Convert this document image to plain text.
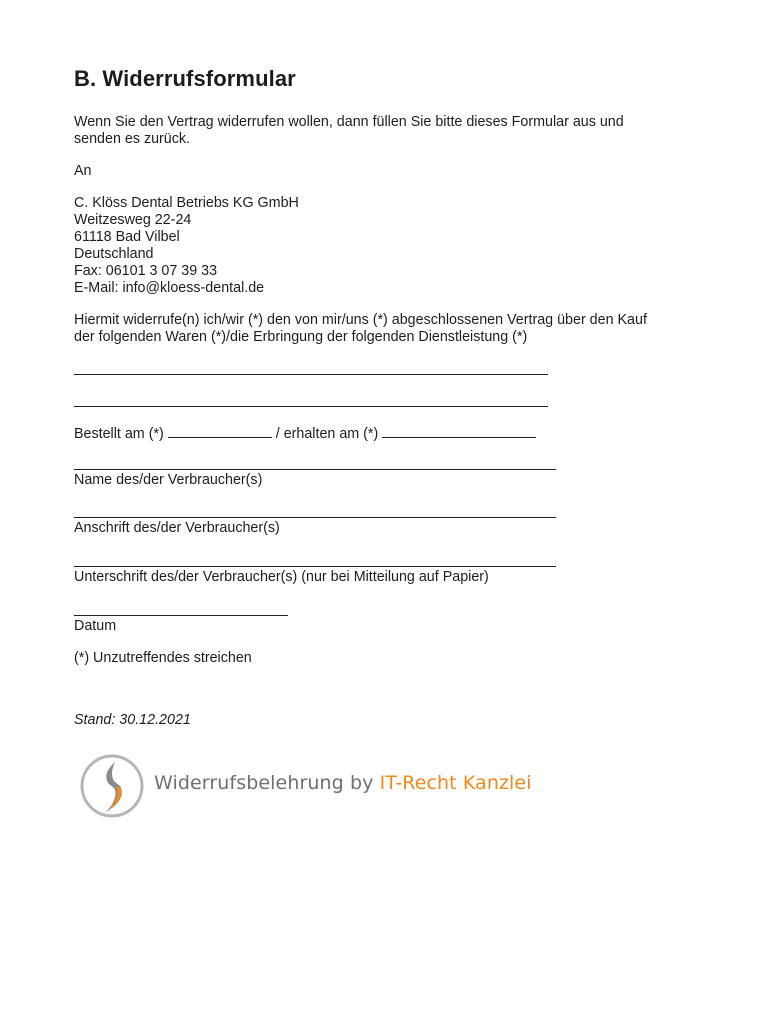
B. Widerrufsformular

Wenn Sie den Vertrag widerrufen wollen, dann füllen Sie bitte dieses Formular aus und

senden es zurück.

An

C. Klöss Dental Betriebs KG GmbH

Weitzesweg 22-24

61118 Bad Vilbel

Deutschland

Fax: 06101 3 07 39 33

E-Mail: info@kloess-dental.de

Hiermit widerrufe(n) ich/wir (*) den von mir/uns (*) abgeschlossenen Vertrag über den Kauf

der folgenden Waren (*)/die Erbringung der folgenden Dienstleistung (*)

Bestellt am (*)	/ erhalten am (*)

Name des/der Verbraucher(s)

Anschrift des/der Verbraucher(s)

Unterschrift des/der Verbraucher(s) (nur bei Mitteilung auf Papier)

Datum

(*) Unzutreffendes streichen

Stand: 30.12.2021

Widerrufsbelehrung by IT-Recht Kanzlei
